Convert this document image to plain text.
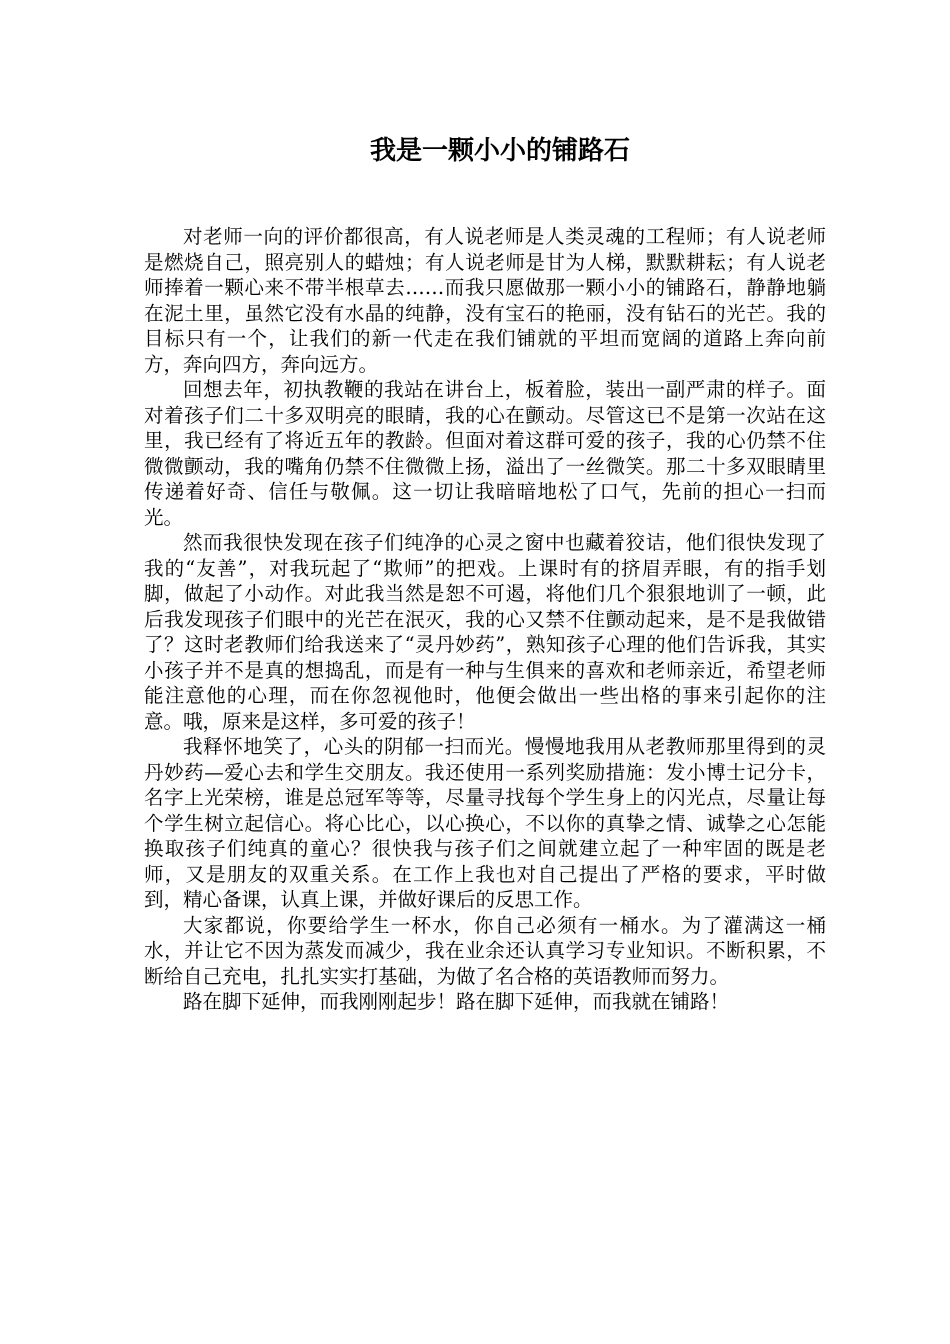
我是一颗小小的铺路石

对老师一向的评价都很高，有人说老师是人类灵魂的工程师；有人说老师是燃烧自己，照亮别人的蜡烛；有人说老师是甘为人梯，默默耕耘；有人说老师捧着一颗心来不带半根草去……而我只愿做那一颗小小的铺路石，静静地躺在泥土里，虽然它没有水晶的纯静，没有宝石的艳丽，没有钻石的光芒。我的目标只有一个，让我们的新一代走在我们铺就的平坦而宽阔的道路上奔向前方，奔向四方，奔向远方。

回想去年，初执教鞭的我站在讲台上，板着脸，装出一副严肃的样子。面对着孩子们二十多双明亮的眼睛，我的心在颤动。尽管这已不是第一次站在这里，我已经有了将近五年的教龄。但面对着这群可爱的孩子，我的心仍禁不住微微颤动，我的嘴角仍禁不住微微上扬，溢出了一丝微笑。那二十多双眼睛里传递着好奇、信任与敬佩。这一切让我暗暗地松了口气，先前的担心一扫而光。

然而我很快发现在孩子们纯净的心灵之窗中也藏着狡诘，他们很快发现了我的“友善”，对我玩起了“欺师”的把戏。上课时有的挤眉弄眼，有的指手划脚，做起了小动作。对此我当然是恕不可遏，将他们几个狠狠地训了一顿，此后我发现孩子们眼中的光芒在泯灭，我的心又禁不住颤动起来，是不是我做错了？这时老教师们给我送来了“灵丹妙药”，熟知孩子心理的他们告诉我，其实小孩子并不是真的想捣乱，而是有一种与生俱来的喜欢和老师亲近，希望老师能注意他的心理，而在你忽视他时，他便会做出一些出格的事来引起你的注意。哦，原来是这样，多可爱的孩子！

我释怀地笑了，心头的阴郁一扫而光。慢慢地我用从老教师那里得到的灵丹妙药—爱心去和学生交朋友。我还使用一系列奖励措施：发小博士记分卡，名字上光荣榜，谁是总冠军等等，尽量寻找每个学生身上的闪光点，尽量让每个学生树立起信心。将心比心，以心换心，不以你的真挚之情、诚挚之心怎能换取孩子们纯真的童心？很快我与孩子们之间就建立起了一种牢固的既是老师，又是朋友的双重关系。在工作上我也对自己提出了严格的要求，平时做到，精心备课，认真上课，并做好课后的反思工作。

大家都说，你要给学生一杯水，你自己必须有一桶水。为了灌满这一桶水，并让它不因为蒸发而减少，我在业余还认真学习专业知识。不断积累，不断给自己充电，扎扎实实打基础，为做了名合格的英语教师而努力。

路在脚下延伸，而我刚刚起步！路在脚下延伸，而我就在铺路！
